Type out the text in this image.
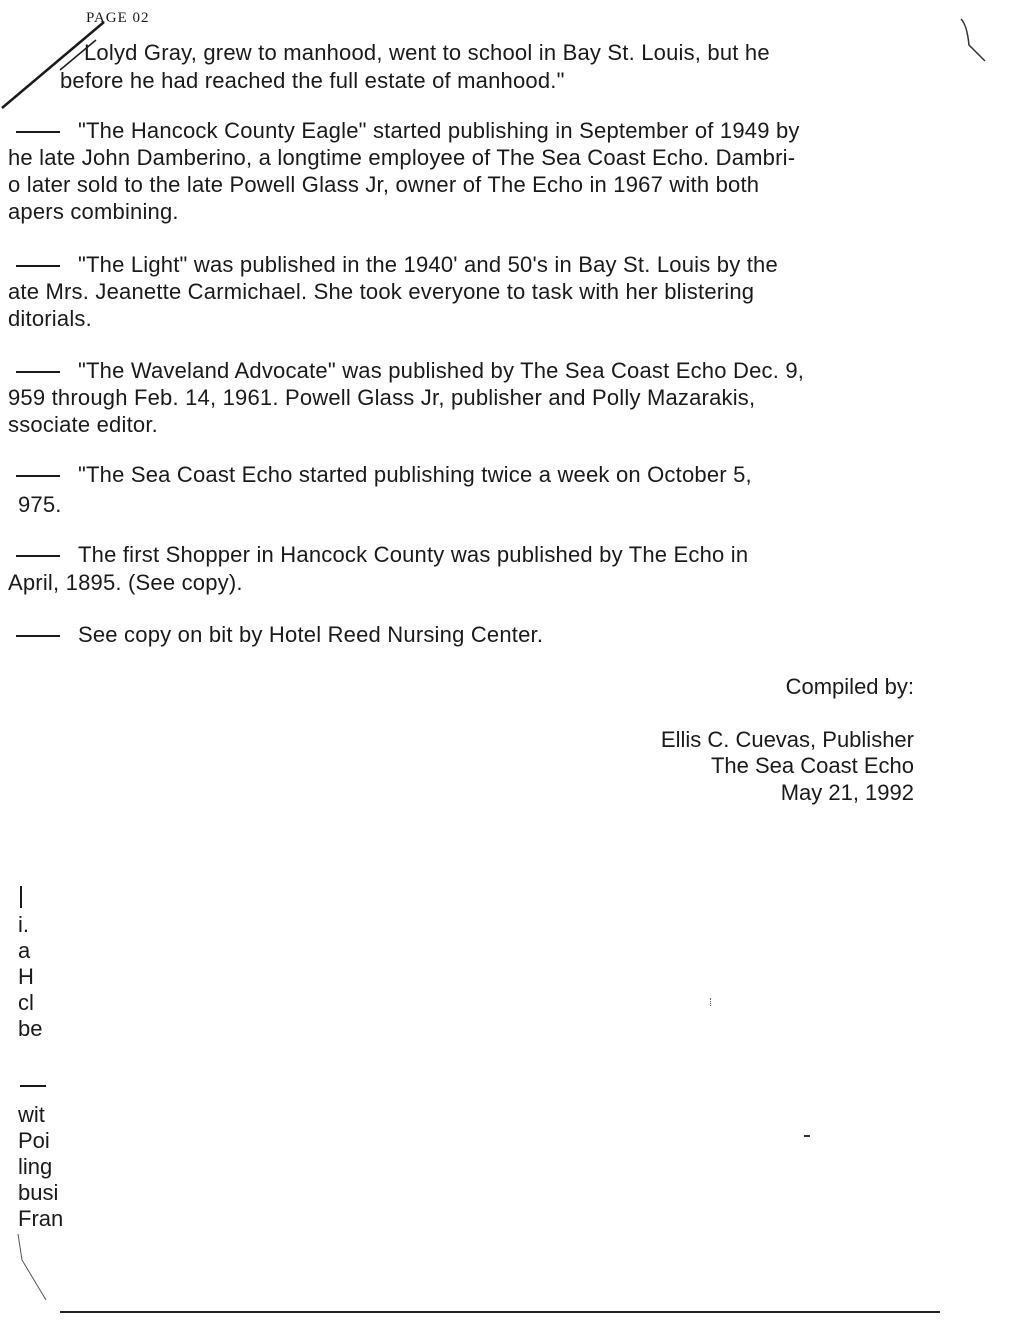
PAGE 02
Lolyd Gray, grew to manhood, went to school in Bay St. Louis, but he
before he had reached the full estate of manhood."
"The Hancock County Eagle" started publishing in September of 1949 by
he late John Damberino, a longtime employee of The Sea Coast Echo. Dambri-
o later sold to the late Powell Glass Jr, owner of The Echo in 1967 with both
apers combining.
"The Light" was published in the 1940' and 50's in Bay St. Louis by the
ate Mrs. Jeanette Carmichael. She took everyone to task with her blistering
ditorials.
"The Waveland Advocate" was published by The Sea Coast Echo Dec. 9,
959 through Feb. 14, 1961. Powell Glass Jr, publisher and Polly Mazarakis,
ssociate editor.
"The Sea Coast Echo started publishing twice a week on October 5,
975.
The first Shopper in Hancock County was published by The Echo in
April, 1895. (See copy).
See copy on bit by Hotel Reed Nursing Center.
Compiled by:
Ellis C. Cuevas, Publisher
The Sea Coast Echo
May 21, 1992
i.
a
H
cl
be
wit
Poi
ling
busi
Fran
